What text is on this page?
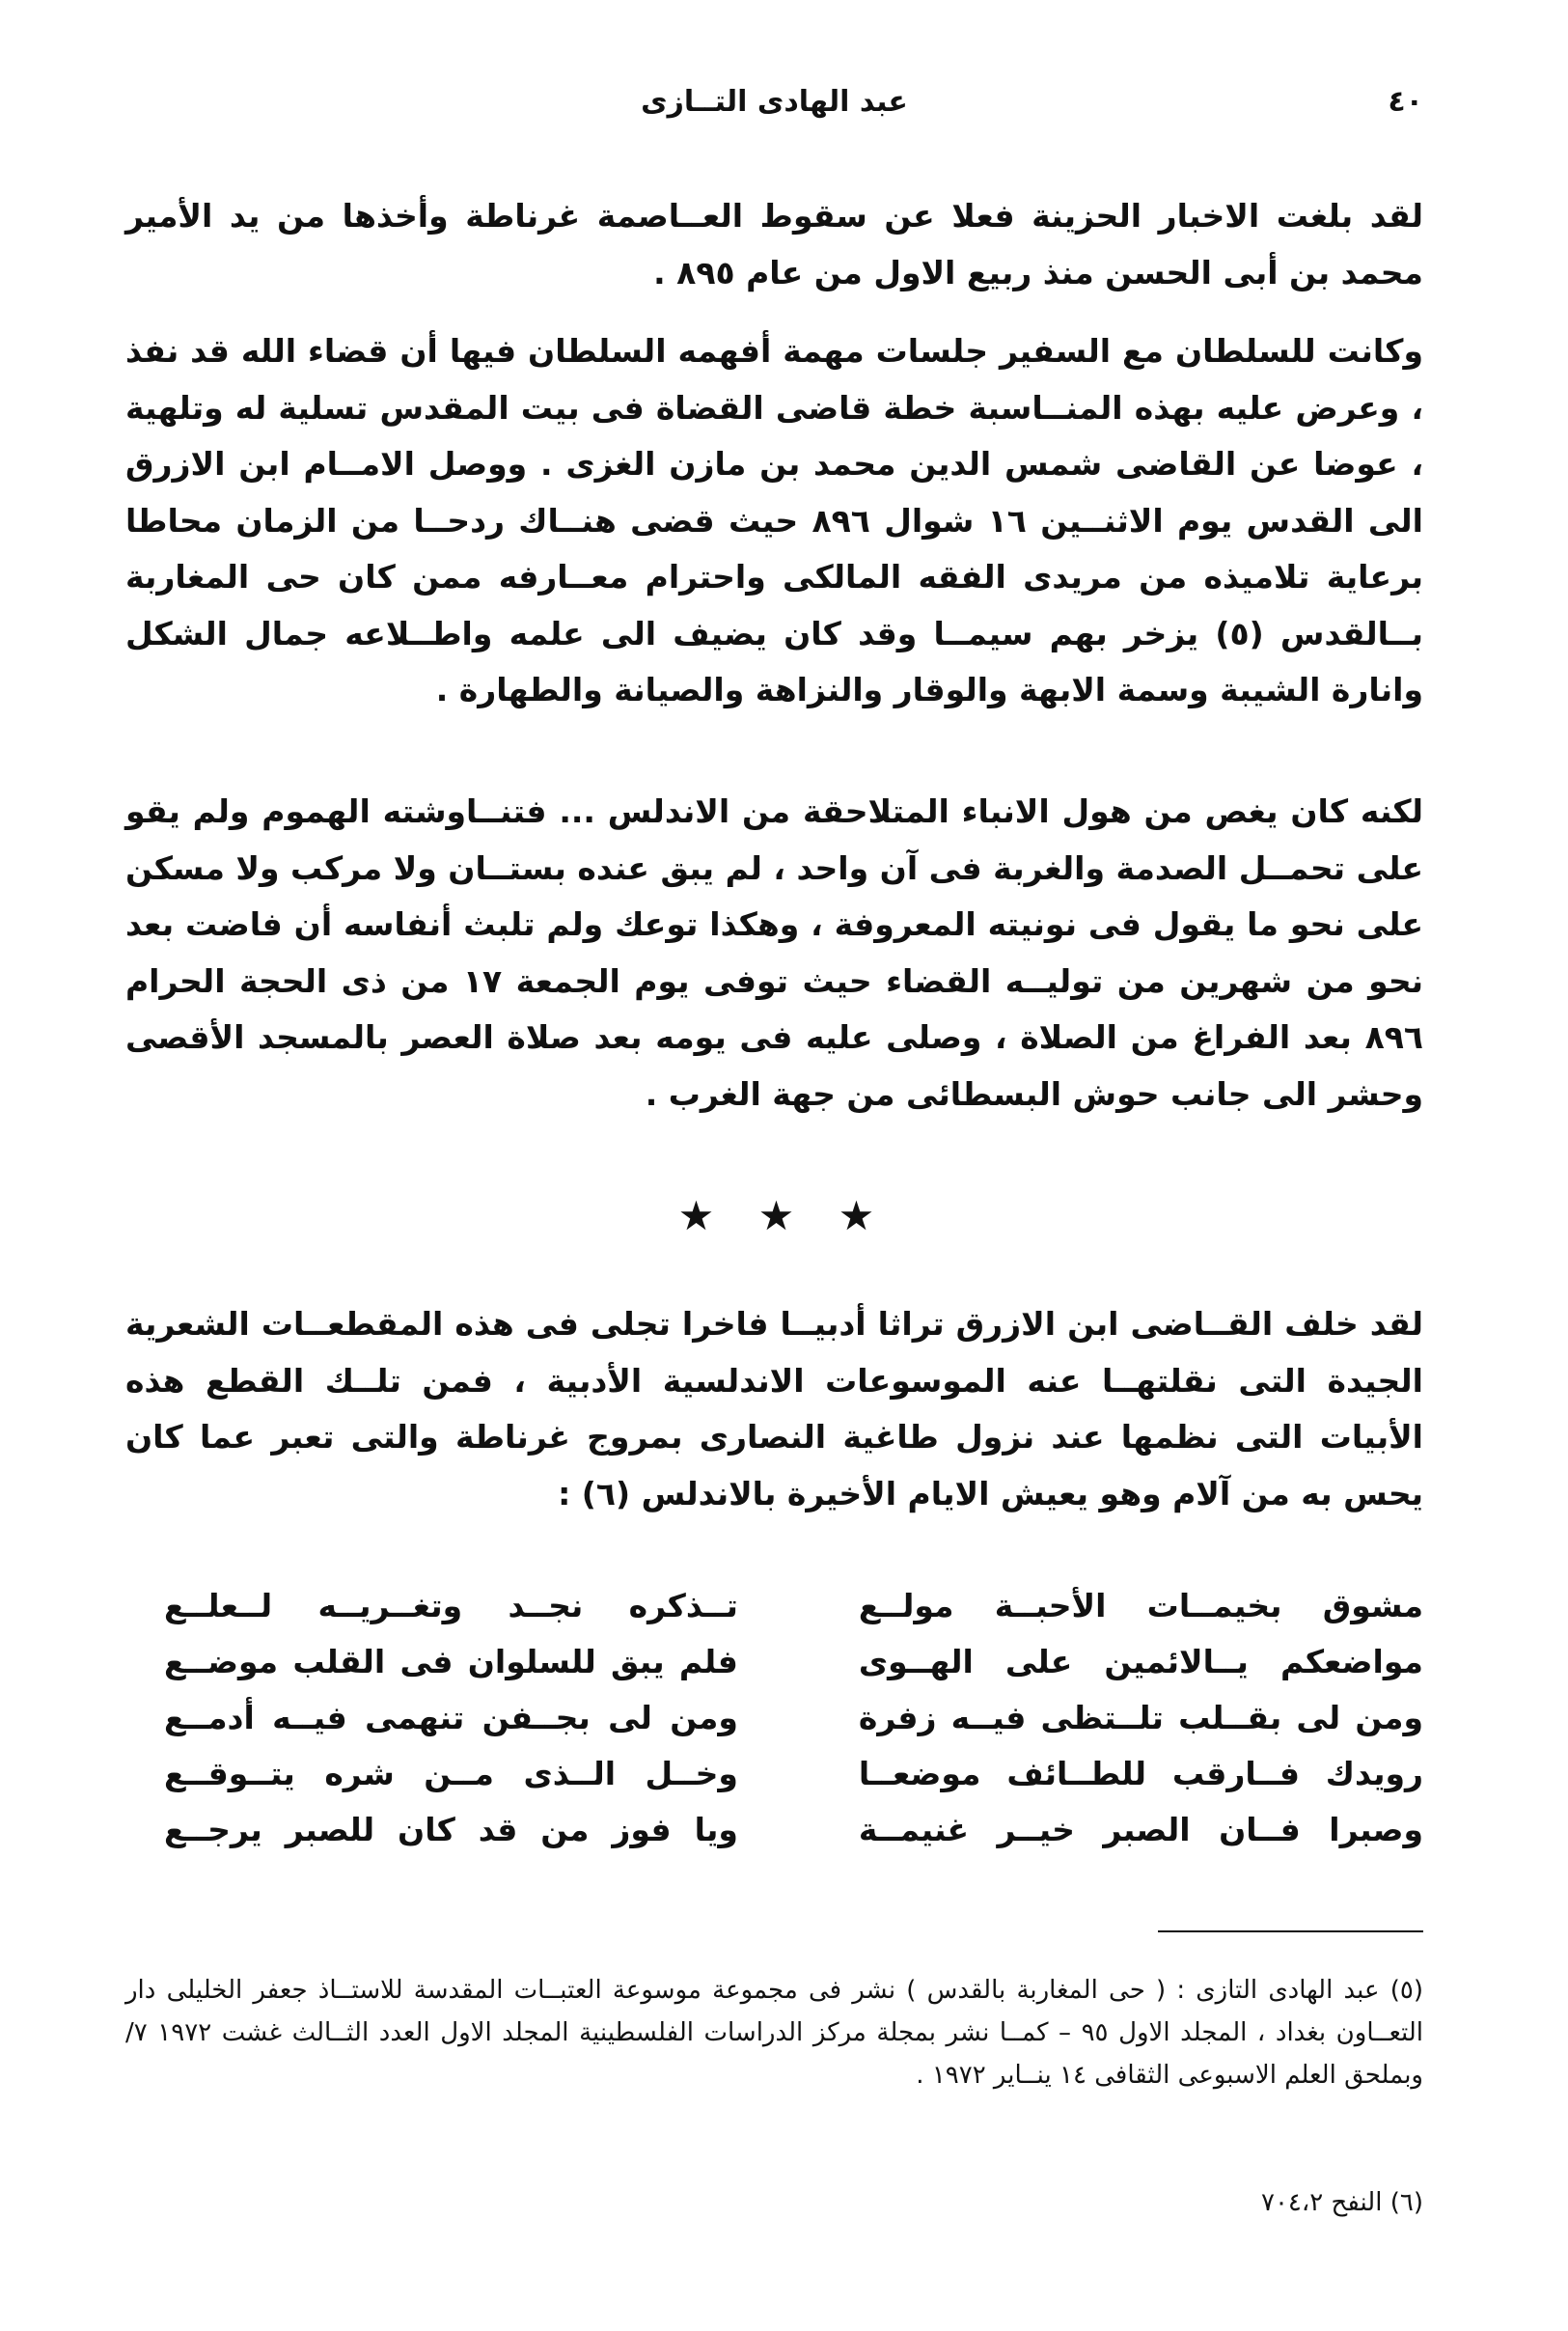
٤٠
عبد الهادى التــازى

لقد بلغت الاخبار الحزينة فعلا عن سقوط العــاصمة غرناطة وأخذها من يد الأمير محمد بن أبى الحسن منذ ربيع الاول من عام ٨٩٥ .

وكانت للسلطان مع السفير جلسات مهمة أفهمه السلطان فيها أن قضاء الله قد نفذ ، وعرض عليه بهذه المنــاسبة خطة قاضى القضاة فى بيت المقدس تسلية له وتلهية ، عوضا عن القاضى شمس الدين محمد بن مازن الغزى . ووصل الامــام ابن الازرق الى القدس يوم الاثنــين ١٦ شوال ٨٩٦ حيث قضى هنــاك ردحــا من الزمان محاطا برعاية تلاميذه من مريدى الفقه المالكى واحترام معــارفه ممن كان حى المغاربة بــالقدس (٥) يزخر بهم سيمــا وقد كان يضيف الى علمه واطــلاعه جمال الشكل وانارة الشيبة وسمة الابهة والوقار والنزاهة والصيانة والطهارة .

لكنه كان يغص من هول الانباء المتلاحقة من الاندلس ... فتنــاوشته الهموم ولم يقو على تحمــل الصدمة والغربة فى آن واحد ، لم يبق عنده بستــان ولا مركب ولا مسكن على نحو ما يقول فى نونيته المعروفة ، وهكذا توعك ولم تلبث أنفاسه أن فاضت بعد نحو من شهرين من توليــه القضاء حيث توفى يوم الجمعة ١٧ من ذى الحجة الحرام ٨٩٦ بعد الفراغ من الصلاة ، وصلى عليه فى يومه بعد صلاة العصر بالمسجد الأقصى وحشر الى جانب حوش البسطائى من جهة الغرب .

★ ★ ★

لقد خلف القــاضى ابن الازرق تراثا أدبيــا فاخرا تجلى فى هذه المقطعــات الشعرية الجيدة التى نقلتهــا عنه الموسوعات الاندلسية الأدبية ، فمن تلــك القطع هذه الأبيات التى نظمها عند نزول طاغية النصارى بمروج غرناطة والتى تعبر عما كان يحس به من آلام وهو يعيش الايام الأخيرة بالاندلس (٦) :

مشوق بخيمــات الأحبــة مولــع
تــذكره نجــد وتغــريــه لــعلــع
مواضعكم يــالائمين على الهــوى
فلم يبق للسلوان فى القلب موضــع
ومن لى بقــلب تلــتظى فيــه زفرة
ومن لى بجــفن تنهمى فيــه أدمــع
رويدك فــارقب للطــائف موضعــا
وخــل الــذى مــن شره يتــوقــع
وصبرا فــان الصبر خيــر غنيمــة
ويا فوز من قد كان للصبر يرجــع

(٥) عبد الهادى التازى : ( حى المغاربة بالقدس ) نشر فى مجموعة موسوعة العتبــات المقدسة للاستــاذ جعفر الخليلى دار التعــاون بغداد ، المجلد الاول ٩٥ – كمــا نشر بمجلة مركز الدراسات الفلسطينية المجلد الاول العدد الثــالث غشت ١٩٧٢ ٧/ وبملحق العلم الاسبوعى الثقافى ١٤ ينــاير ١٩٧٢ .

(٦) النفح ٧٠٤،٢
